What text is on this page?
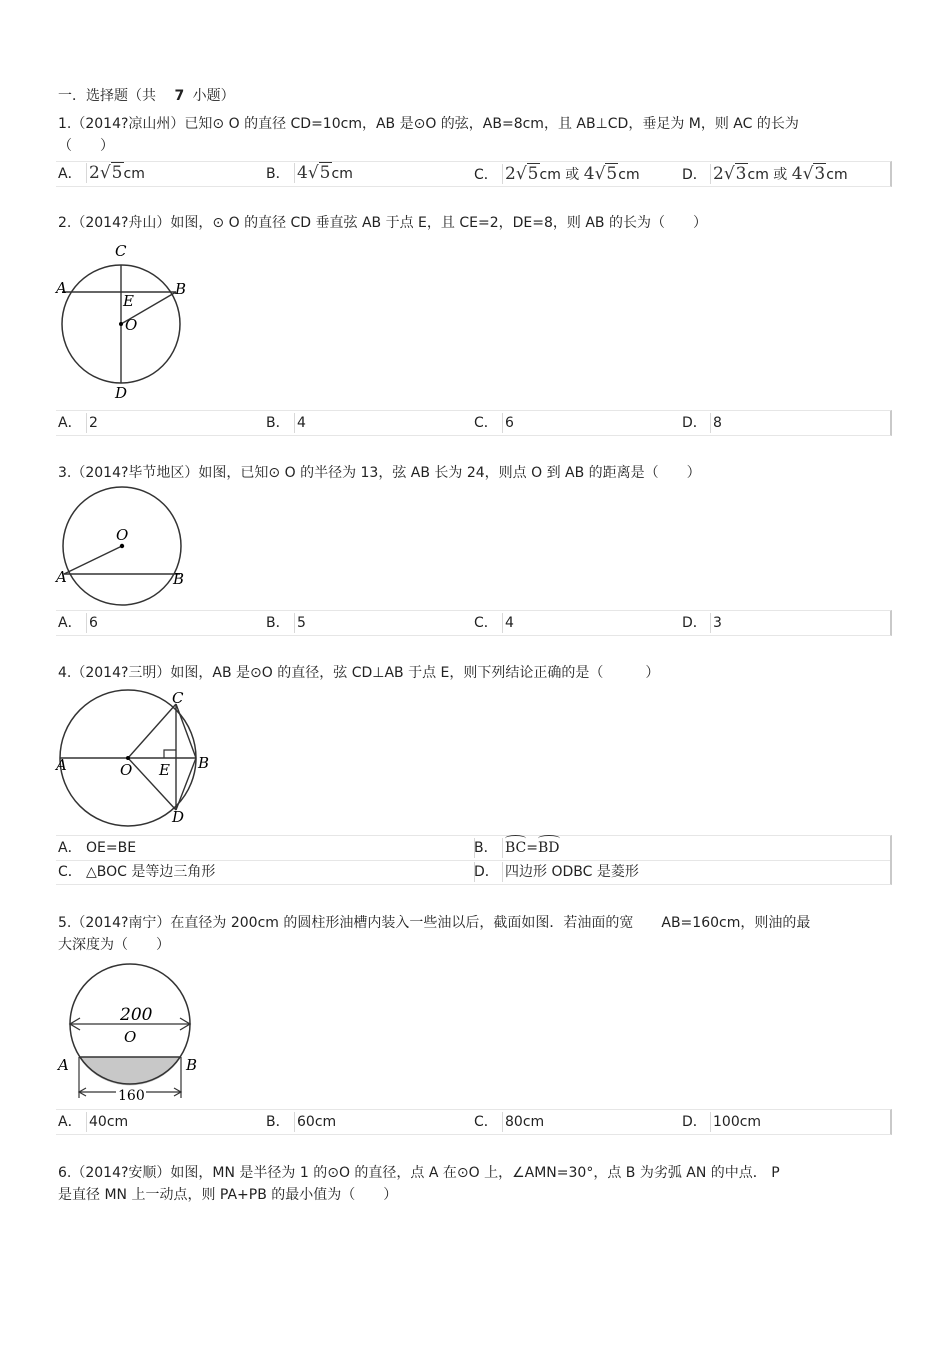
一．选择题（共 7 小题）
1.（2014?凉山州）已知⊙ O 的直径 CD=10cm，AB 是⊙O 的弦，AB=8cm，且 AB⊥CD，垂足为 M，则 AC 的长为
（　　）
A． 2√5cm	B． 4√5cm	C． 2√5cm 或 4√5cm	D． 2√3cm 或 4√3cm
2.（2014?舟山）如图，⊙ O 的直径 CD 垂直弦 AB 于点 E，且 CE=2，DE=8，则 AB 的长为（　　）
C
A	B
E
O
D
A． 2	B． 4	C． 6	D． 8
3.（2014?毕节地区）如图，已知⊙ O 的半径为 13，弦 AB 长为 24，则点 O 到 AB 的距离是（　　）
O
A	B
A． 6	B． 5	C． 4	D． 3
4.（2014?三明）如图，AB 是⊙O 的直径，弦 CD⊥AB 于点 E，则下列结论正确的是（　　　）
C
A	O E B
D
A． OE=BE	B． BC=BD
C． △BOC 是等边三角形	D． 四边形 ODBC 是菱形
5.（2014?南宁）在直径为 200cm 的圆柱形油槽内装入一些油以后，截面如图．若油面的宽　　AB=160cm，则油的最
大深度为（　　）
200
O
A	B
160
A． 40cm	B． 60cm	C． 80cm	D． 100cm
6.（2014?安顺）如图，MN 是半径为 1 的⊙O 的直径，点 A 在⊙O 上，∠AMN=30°，点 B 为劣弧 AN 的中点． P
是直径 MN 上一动点，则 PA+PB 的最小值为（　　）
